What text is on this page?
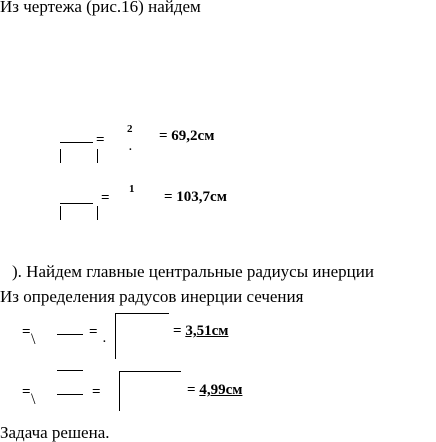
Из чертежа (рис.16) найдем
=
2
.
= 69,2см
=
1 = 103,7см
). Найдем главные центральные радиусы инерции
Из определения радусов инерции сечения
= \	= .	= 3,51см
= \	=	= 4,99см
Задача решена.
